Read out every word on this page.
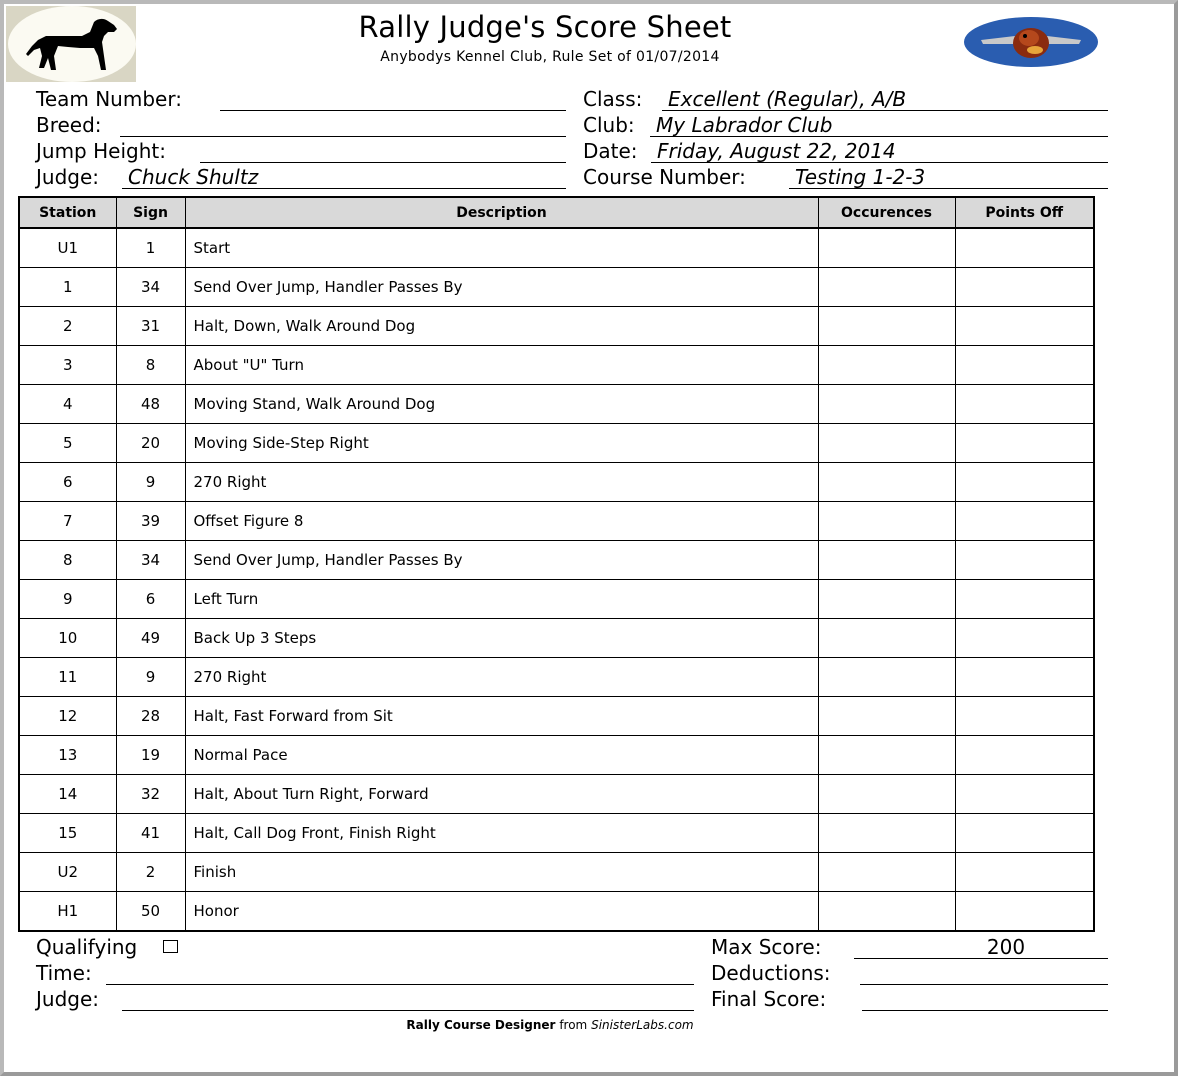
Rally Judge's Score Sheet
Anybodys Kennel Club, Rule Set of 01/07/2014
Team Number:
Breed:
Jump Height:
Judge:	Chuck Shultz
Class:	Excellent (Regular), A/B
Club:	My Labrador Club
Date: Friday, August 22, 2014
Course Number:	Testing 1-2-3
Station	Sign	Description	Occurences	Points Off
U1	1	Start		
1	34	Send Over Jump, Handler Passes By		
2	31	Halt, Down, Walk Around Dog		
3	8	About "U" Turn		
4	48	Moving Stand, Walk Around Dog		
5	20	Moving Side-Step Right		
6	9	270 Right		
7	39	Offset Figure 8		
8	34	Send Over Jump, Handler Passes By		
9	6	Left Turn		
10	49	Back Up 3 Steps		
11	9	270 Right		
12	28	Halt, Fast Forward from Sit		
13	19	Normal Pace		
14	32	Halt, About Turn Right, Forward		
15	41	Halt, Call Dog Front, Finish Right		
U2	2	Finish		
H1	50	Honor		
Qualifying
Time:
Judge:
Max Score:	200
Deductions:
Final Score:
Rally Course Designer from SinisterLabs.com
